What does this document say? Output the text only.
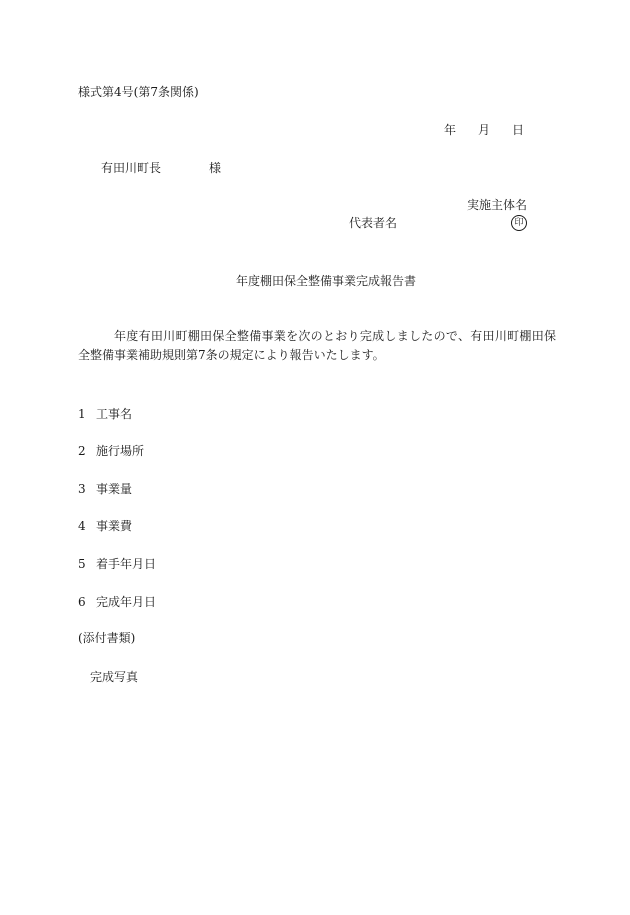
様式第4号(第7条関係)
年 月 日
有田川町長	様
実施主体名
代表者名	印
年度棚田保全整備事業完成報告書
年度有田川町棚田保全整備事業を次のとおり完成しましたので、有田川町棚田保全整備事業補助規則第7条の規定により報告いたします。
1 工事名
2 施行場所
3 事業量
4 事業費
5 着手年月日
6 完成年月日
(添付書類)
完成写真
